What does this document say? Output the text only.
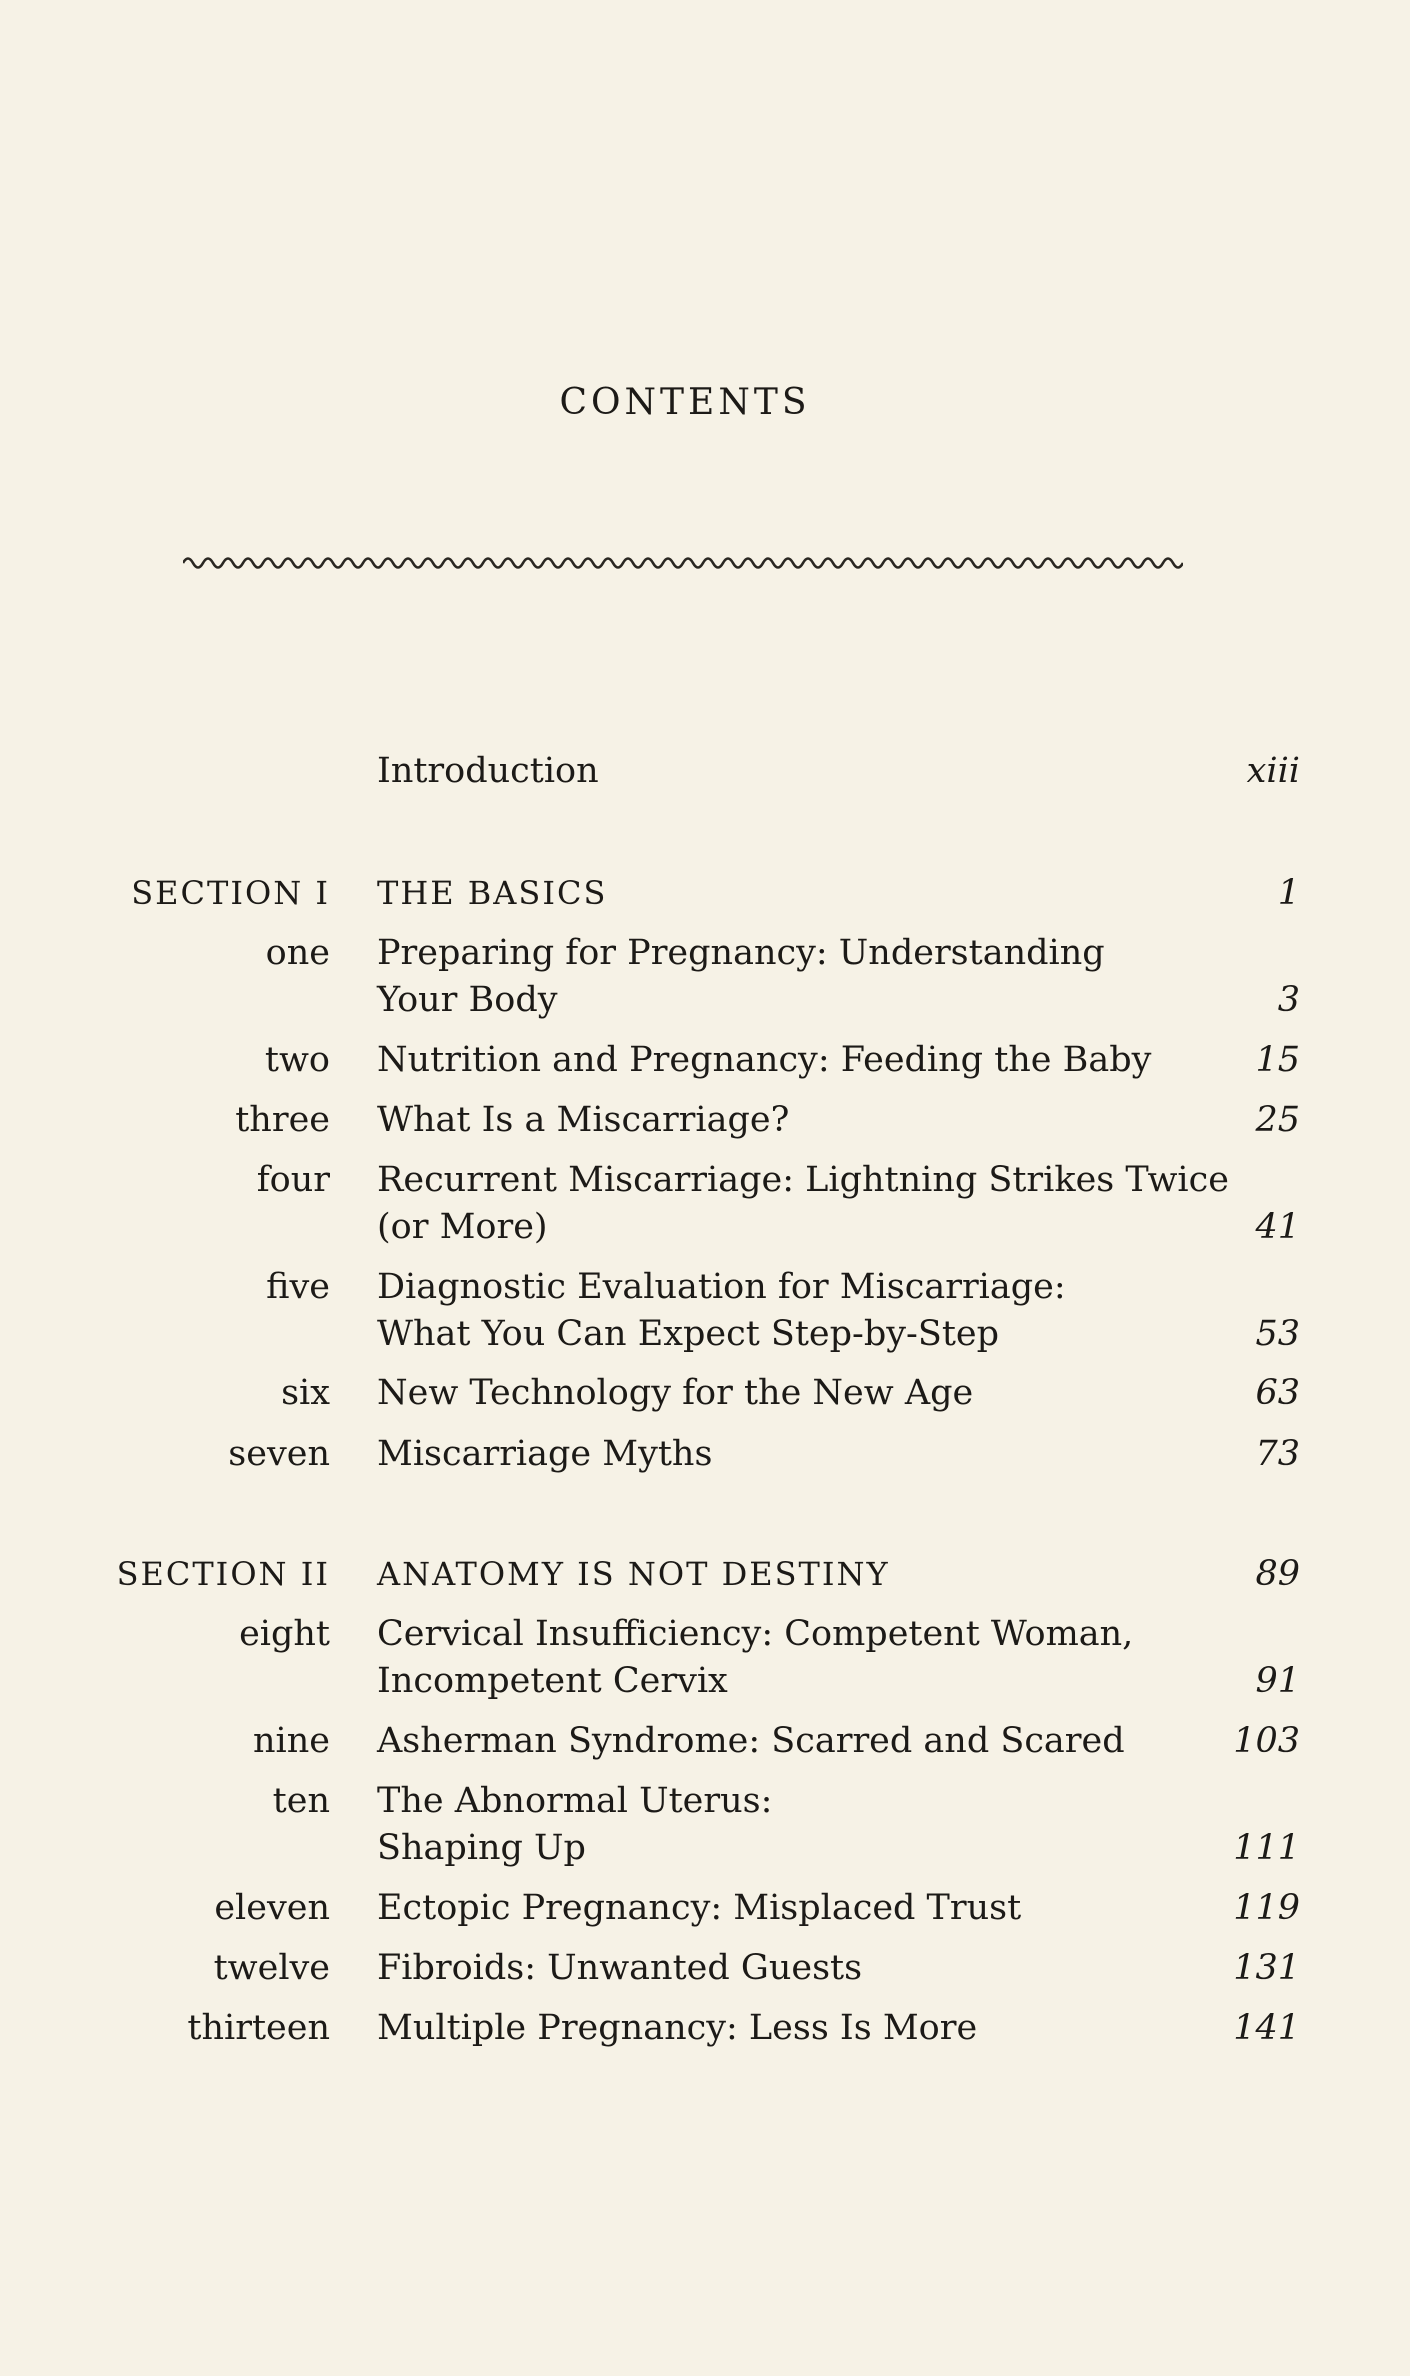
CONTENTS
Introduction	xiii
SECTION I THE BASICS	1
one Preparing for Pregnancy: Understanding
Your Body	3
two Nutrition and Pregnancy: Feeding the Baby	15
three What Is a Miscarriage?	25
four Recurrent Miscarriage: Lightning Strikes Twice
(or More)	41
five Diagnostic Evaluation for Miscarriage:
What You Can Expect Step-by-Step	53
six New Technology for the New Age	63
seven Miscarriage Myths	73
SECTION II ANATOMY IS NOT DESTINY	89
eight Cervical Insufficiency: Competent Woman,
Incompetent Cervix	91
nine Asherman Syndrome: Scarred and Scared	103
ten The Abnormal Uterus:
Shaping Up	111
eleven Ectopic Pregnancy: Misplaced Trust	119
twelve Fibroids: Unwanted Guests	131
thirteen Multiple Pregnancy: Less Is More	141
